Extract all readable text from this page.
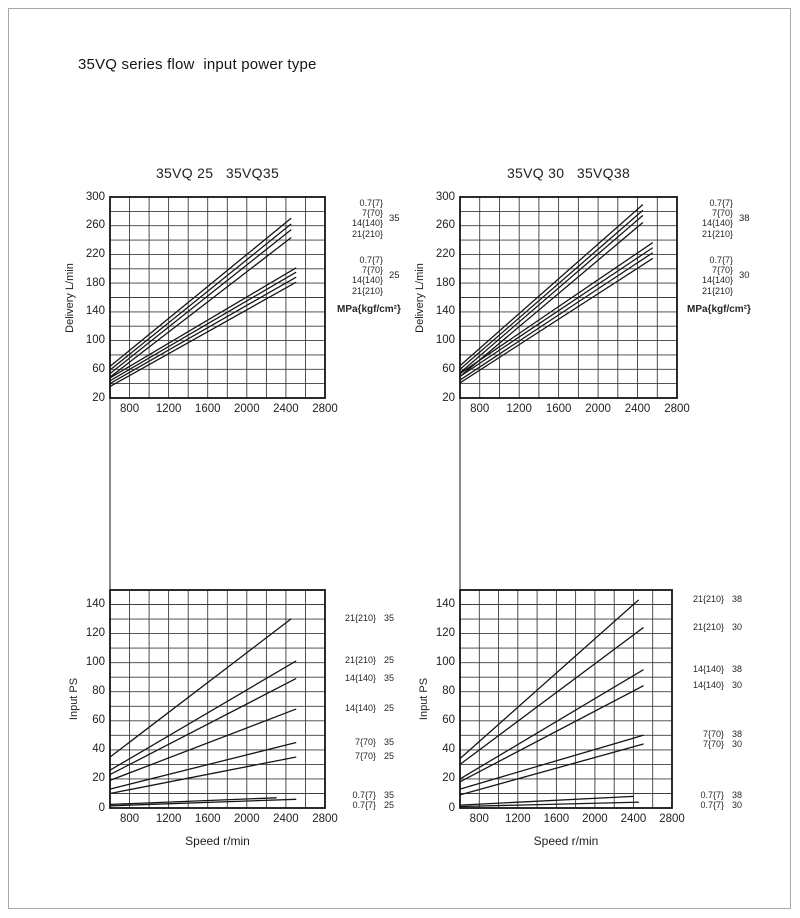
35VQ series flow  input power type
35VQ 25   35VQ35
300
260
220
180
140
100
60
20
800 1200 1600 2000 2400 2800
Delivery L/min
0.7{7}
7{70}
14{140}
21{210}
35
0.7{7}
7{70}
14{140}
21{210}
25
MPa{kgf/cm²}
35VQ 30   35VQ38
300
260
220
180
140
100
60
20
800 1200 1600 2000 2400 2800
Delivery L/min
0.7{7}
7{70}
14{140}
21{210}
38
0.7{7}
7{70}
14{140}
21{210}
30
MPa{kgf/cm²}
140
120
100
80
60
40
20
0
800 1200 1600 2000 2400 2800
Input PS
Speed r/min
21{210} 35
21{210} 25
14{140} 35
14{140} 25
7{70} 35
7{70} 25
0.7{7} 35
0.7{7} 25
140
120
100
80
60
40
20
0
800 1200 1600 2000 2400 2800
Input PS
Speed r/min
21{210} 38
21{210} 30
14{140} 38
14{140} 30
7{70} 38
7{70} 30
0.7{7} 38
0.7{7} 30
